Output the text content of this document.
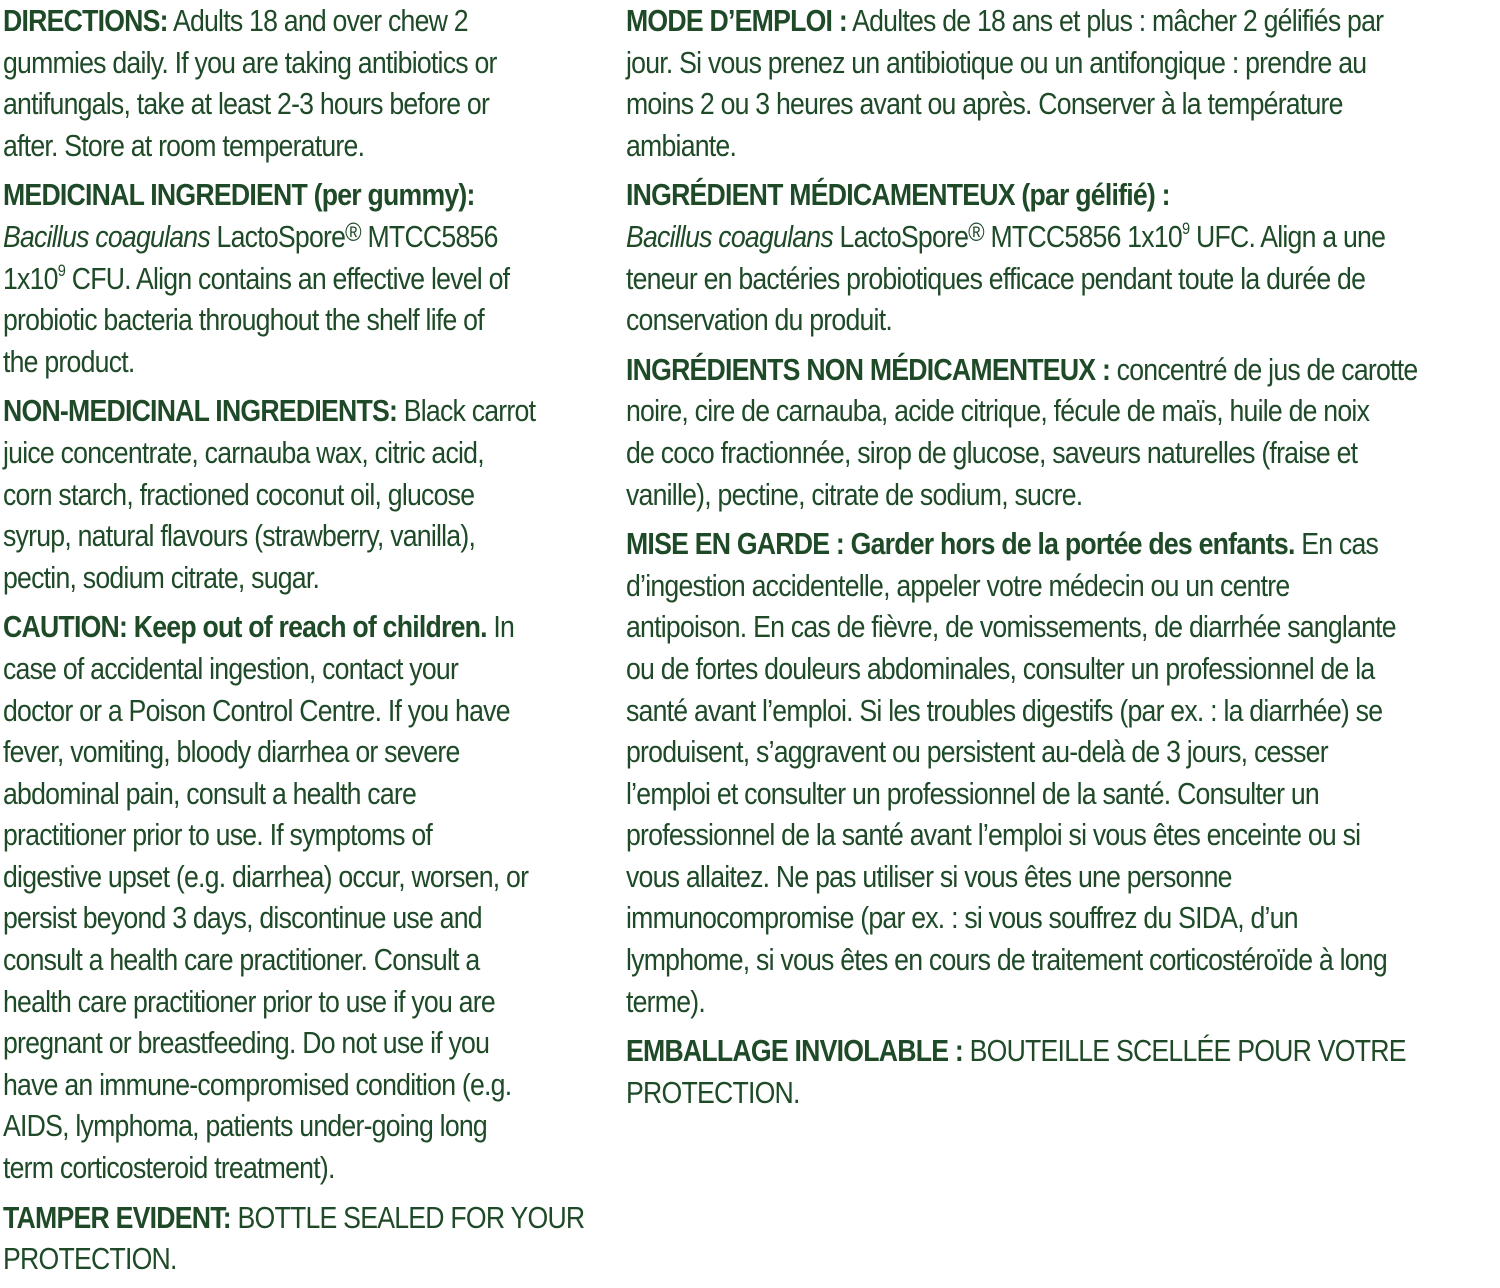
DIRECTIONS: Adults 18 and over chew 2
gummies daily. If you are taking antibiotics or
antifungals, take at least 2-3 hours before or
after. Store at room temperature.
MEDICINAL INGREDIENT (per gummy):
Bacillus coagulans LactoSpore® MTCC5856
$1x10^9$ CFU. Align contains an effective level of
probiotic bacteria throughout the shelf life of
the product.
NON-MEDICINAL INGREDIENTS: Black carrot
juice concentrate, carnauba wax, citric acid,
corn starch, fractioned coconut oil, glucose
syrup, natural flavours (strawberry, vanilla),
pectin, sodium citrate, sugar.
CAUTION: Keep out of reach of children. In
case of accidental ingestion, contact your
doctor or a Poison Control Centre. If you have
fever, vomiting, bloody diarrhea or severe
abdominal pain, consult a health care
practitioner prior to use. If symptoms of
digestive upset (e.g. diarrhea) occur, worsen, or
persist beyond 3 days, discontinue use and
consult a health care practitioner. Consult a
health care practitioner prior to use if you are
pregnant or breastfeeding. Do not use if you
have an immune-compromised condition (e.g.
AIDS, lymphoma, patients under-going long
term corticosteroid treatment).
TAMPER EVIDENT: BOTTLE SEALED FOR YOUR
PROTECTION.
MODE D’EMPLOI : Adultes de 18 ans et plus : mâcher 2 gélifiés par
jour. Si vous prenez un antibiotique ou un antifongique : prendre au
moins 2 ou 3 heures avant ou après. Conserver à la température
ambiante.
INGRÉDIENT MÉDICAMENTEUX (par gélifié) :
Bacillus coagulans LactoSpore® MTCC5856 $1x10^9$ UFC. Align a une
teneur en bactéries probiotiques efficace pendant toute la durée de
conservation du produit.
INGRÉDIENTS NON MÉDICAMENTEUX : concentré de jus de carotte
noire, cire de carnauba, acide citrique, fécule de maïs, huile de noix
de coco fractionnée, sirop de glucose, saveurs naturelles (fraise et
vanille), pectine, citrate de sodium, sucre.
MISE EN GARDE : Garder hors de la portée des enfants. En cas
d’ingestion accidentelle, appeler votre médecin ou un centre
antipoison. En cas de fièvre, de vomissements, de diarrhée sanglante
ou de fortes douleurs abdominales, consulter un professionnel de la
santé avant l’emploi. Si les troubles digestifs (par ex. : la diarrhée) se
produisent, s’aggravent ou persistent au-delà de 3 jours, cesser
l’emploi et consulter un professionnel de la santé. Consulter un
professionnel de la santé avant l’emploi si vous êtes enceinte ou si
vous allaitez. Ne pas utiliser si vous êtes une personne
immunocompromise (par ex. : si vous souffrez du SIDA, d’un
lymphome, si vous êtes en cours de traitement corticostéroïde à long
terme).
EMBALLAGE INVIOLABLE : BOUTEILLE SCELLÉE POUR VOTRE
PROTECTION.
